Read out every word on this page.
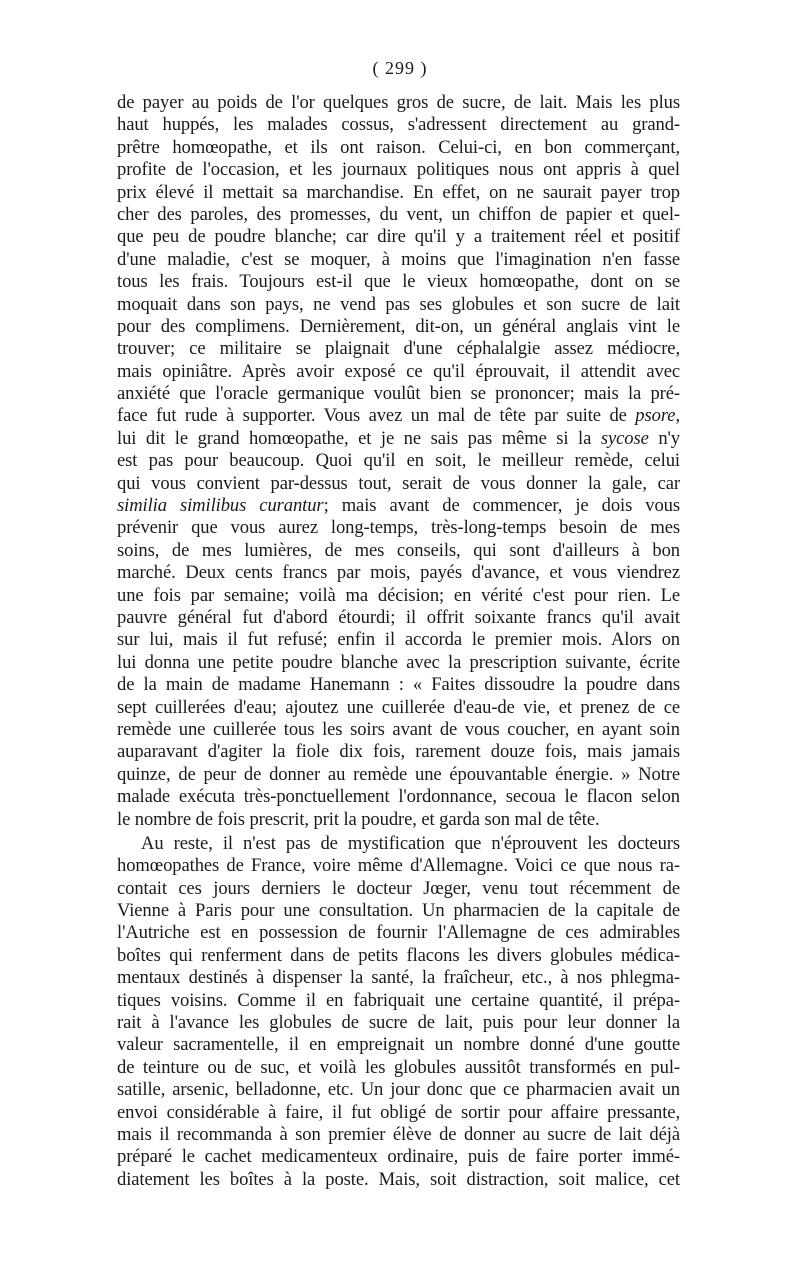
( 299 )
de payer au poids de l'or quelques gros de sucre, de lait. Mais les plus
haut huppés, les malades cossus, s'adressent directement au grand-
prêtre homœopathe, et ils ont raison. Celui-ci, en bon commerçant,
profite de l'occasion, et les journaux politiques nous ont appris à quel
prix élevé il mettait sa marchandise. En effet, on ne saurait payer trop
cher des paroles, des promesses, du vent, un chiffon de papier et quel-
que peu de poudre blanche; car dire qu'il y a traitement réel et positif
d'une maladie, c'est se moquer, à moins que l'imagination n'en fasse
tous les frais. Toujours est-il que le vieux homœopathe, dont on se
moquait dans son pays, ne vend pas ses globules et son sucre de lait
pour des complimens. Dernièrement, dit-on, un général anglais vint le
trouver; ce militaire se plaignait d'une céphalalgie assez médiocre,
mais opiniâtre. Après avoir exposé ce qu'il éprouvait, il attendit avec
anxiété que l'oracle germanique voulût bien se prononcer; mais la pré-
face fut rude à supporter. Vous avez un mal de tête par suite de psore,
lui dit le grand homœopathe, et je ne sais pas même si la sycose n'y
est pas pour beaucoup. Quoi qu'il en soit, le meilleur remède, celui
qui vous convient par-dessus tout, serait de vous donner la gale, car
similia similibus curantur; mais avant de commencer, je dois vous
prévenir que vous aurez long-temps, très-long-temps besoin de mes
soins, de mes lumières, de mes conseils, qui sont d'ailleurs à bon
marché. Deux cents francs par mois, payés d'avance, et vous viendrez
une fois par semaine; voilà ma décision; en vérité c'est pour rien. Le
pauvre général fut d'abord étourdi; il offrit soixante francs qu'il avait
sur lui, mais il fut refusé; enfin il accorda le premier mois. Alors on
lui donna une petite poudre blanche avec la prescription suivante, écrite
de la main de madame Hanemann : « Faites dissoudre la poudre dans
sept cuillerées d'eau; ajoutez une cuillerée d'eau-de vie, et prenez de ce
remède une cuillerée tous les soirs avant de vous coucher, en ayant soin
auparavant d'agiter la fiole dix fois, rarement douze fois, mais jamais
quinze, de peur de donner au remède une épouvantable énergie. » Notre
malade exécuta très-ponctuellement l'ordonnance, secoua le flacon selon
le nombre de fois prescrit, prit la poudre, et garda son mal de tête.
Au reste, il n'est pas de mystification que n'éprouvent les docteurs
homœopathes de France, voire même d'Allemagne. Voici ce que nous ra-
contait ces jours derniers le docteur Jœger, venu tout récemment de
Vienne à Paris pour une consultation. Un pharmacien de la capitale de
l'Autriche est en possession de fournir l'Allemagne de ces admirables
boîtes qui renferment dans de petits flacons les divers globules médica-
mentaux destinés à dispenser la santé, la fraîcheur, etc., à nos phlegma-
tiques voisins. Comme il en fabriquait une certaine quantité, il prépa-
rait à l'avance les globules de sucre de lait, puis pour leur donner la
valeur sacramentelle, il en empreignait un nombre donné d'une goutte
de teinture ou de suc, et voilà les globules aussitôt transformés en pul-
satille, arsenic, belladonne, etc. Un jour donc que ce pharmacien avait un
envoi considérable à faire, il fut obligé de sortir pour affaire pressante,
mais il recommanda à son premier élève de donner au sucre de lait déjà
préparé le cachet medicamenteux ordinaire, puis de faire porter immé-
diatement les boîtes à la poste. Mais, soit distraction, soit malice, cet
